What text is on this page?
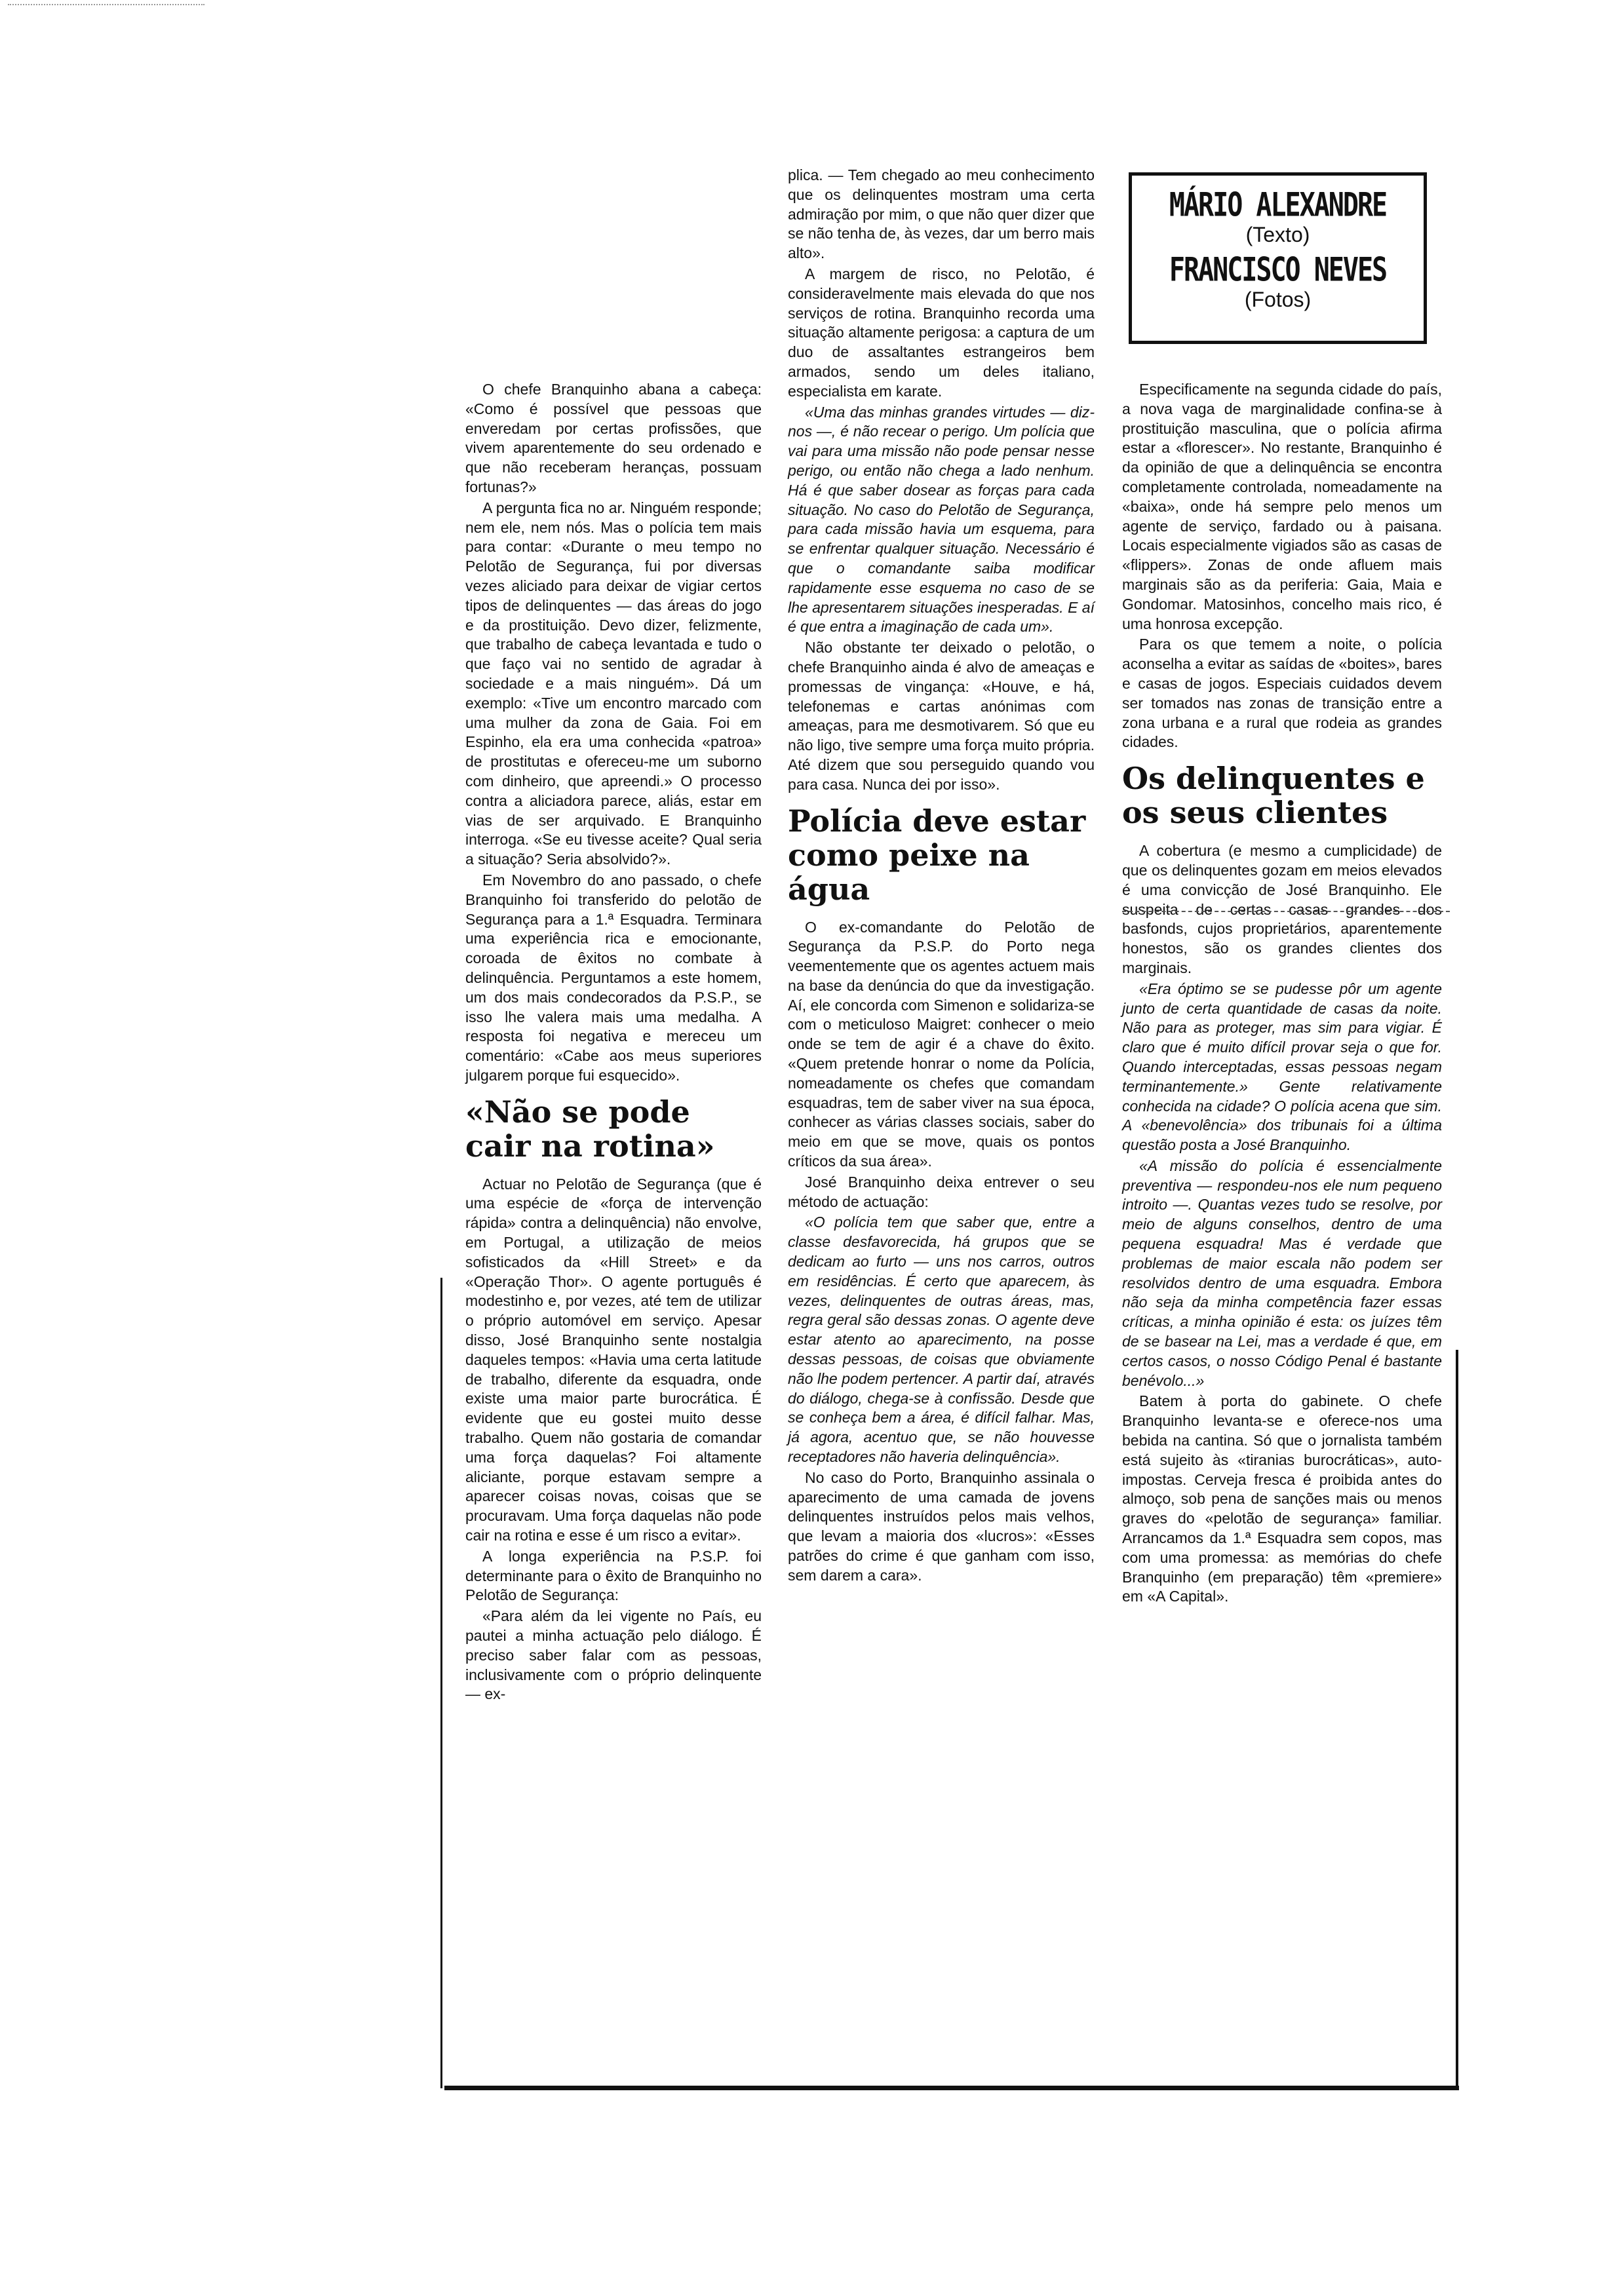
MÁRIO ALEXANDRE
(Texto)
FRANCISCO NEVES
(Fotos)

O chefe Branquinho abana a cabeça: «Como é possível que pessoas que enveredam por certas profissões, que vivem aparentemente do seu ordenado e que não receberam heranças, possuam fortunas?»

A pergunta fica no ar. Ninguém responde; nem ele, nem nós. Mas o polícia tem mais para contar: «Durante o meu tempo no Pelotão de Segurança, fui por diversas vezes aliciado para deixar de vigiar certos tipos de delinquentes — das áreas do jogo e da prostituição. Devo dizer, felizmente, que trabalho de cabeça levantada e tudo o que faço vai no sentido de agradar à sociedade e a mais ninguém». Dá um exemplo: «Tive um encontro marcado com uma mulher da zona de Gaia. Foi em Espinho, ela era uma conhecida «patroa» de prostitutas e ofereceu-me um suborno com dinheiro, que apreendi.» O processo contra a aliciadora parece, aliás, estar em vias de ser arquivado. E Branquinho interroga. «Se eu tivesse aceite? Qual seria a situação? Seria absolvido?».

Em Novembro do ano passado, o chefe Branquinho foi transferido do pelotão de Segurança para a 1.ª Esquadra. Terminara uma experiência rica e emocionante, coroada de êxitos no combate à delinquência. Perguntamos a este homem, um dos mais condecorados da P.S.P., se isso lhe valera mais uma medalha. A resposta foi negativa e mereceu um comentário: «Cabe aos meus superiores julgarem porque fui esquecido».

«Não se pode cair na rotina»

Actuar no Pelotão de Segurança (que é uma espécie de «força de intervenção rápida» contra a delinquência) não envolve, em Portugal, a utilização de meios sofisticados da «Hill Street» e da «Operação Thor». O agente português é modestinho e, por vezes, até tem de utilizar o próprio automóvel em serviço. Apesar disso, José Branquinho sente nostalgia daqueles tempos: «Havia uma certa latitude de trabalho, diferente da esquadra, onde existe uma maior parte burocrática. É evidente que eu gostei muito desse trabalho. Quem não gostaria de comandar uma força daquelas? Foi altamente aliciante, porque estavam sempre a aparecer coisas novas, coisas que se procuravam. Uma força daquelas não pode cair na rotina e esse é um risco a evitar».

A longa experiência na P.S.P. foi determinante para o êxito de Branquinho no Pelotão de Segurança:

«Para além da lei vigente no País, eu pautei a minha actuação pelo diálogo. É preciso saber falar com as pessoas, inclusivamente com o próprio delinquente — ex-

plica. — Tem chegado ao meu conhecimento que os delinquentes mostram uma certa admiração por mim, o que não quer dizer que se não tenha de, às vezes, dar um berro mais alto».

A margem de risco, no Pelotão, é consideravelmente mais elevada do que nos serviços de rotina. Branquinho recorda uma situação altamente perigosa: a captura de um duo de assaltantes estrangeiros bem armados, sendo um deles italiano, especialista em karate.

«Uma das minhas grandes virtudes — diz-nos —, é não recear o perigo. Um polícia que vai para uma missão não pode pensar nesse perigo, ou então não chega a lado nenhum. Há é que saber dosear as forças para cada situação. No caso do Pelotão de Segurança, para cada missão havia um esquema, para se enfrentar qualquer situação. Necessário é que o comandante saiba modificar rapidamente esse esquema no caso de se lhe apresentarem situações inesperadas. E aí é que entra a imaginação de cada um».

Não obstante ter deixado o pelotão, o chefe Branquinho ainda é alvo de ameaças e promessas de vingança: «Houve, e há, telefonemas e cartas anónimas com ameaças, para me desmotivarem. Só que eu não ligo, tive sempre uma força muito própria. Até dizem que sou perseguido quando vou para casa. Nunca dei por isso».

Polícia deve estar como peixe na água

O ex-comandante do Pelotão de Segurança da P.S.P. do Porto nega veementemente que os agentes actuem mais na base da denúncia do que da investigação. Aí, ele concorda com Simenon e solidariza-se com o meticuloso Maigret: conhecer o meio onde se tem de agir é a chave do êxito. «Quem pretende honrar o nome da Polícia, nomeadamente os chefes que comandam esquadras, tem de saber viver na sua época, conhecer as várias classes sociais, saber do meio em que se move, quais os pontos críticos da sua área».

José Branquinho deixa entrever o seu método de actuação:

«O polícia tem que saber que, entre a classe desfavorecida, há grupos que se dedicam ao furto — uns nos carros, outros em residências. É certo que aparecem, às vezes, delinquentes de outras áreas, mas, regra geral são dessas zonas. O agente deve estar atento ao aparecimento, na posse dessas pessoas, de coisas que obviamente não lhe podem pertencer. A partir daí, através do diálogo, chega-se à confissão. Desde que se conheça bem a área, é difícil falhar. Mas, já agora, acentuo que, se não houvesse receptadores não haveria delinquência».

No caso do Porto, Branquinho assinala o aparecimento de uma camada de jovens delinquentes instruídos pelos mais velhos, que levam a maioria dos «lucros»: «Esses patrões do crime é que ganham com isso, sem darem a cara».

Especificamente na segunda cidade do país, a nova vaga de marginalidade confina-se à prostituição masculina, que o polícia afirma estar a «florescer». No restante, Branquinho é da opinião de que a delinquência se encontra completamente controlada, nomeadamente na «baixa», onde há sempre pelo menos um agente de serviço, fardado ou à paisana. Locais especialmente vigiados são as casas de «flippers». Zonas de onde afluem mais marginais são as da periferia: Gaia, Maia e Gondomar. Matosinhos, concelho mais rico, é uma honrosa excepção.

Para os que temem a noite, o polícia aconselha a evitar as saídas de «boites», bares e casas de jogos. Especiais cuidados devem ser tomados nas zonas de transição entre a zona urbana e a rural que rodeia as grandes cidades.

Os delinquentes e os seus clientes

A cobertura (e mesmo a cumplicidade) de que os delinquentes gozam em meios elevados é uma convicção de José Branquinho. Ele suspeita de certas casas grandes dos basfonds, cujos proprietários, aparentemente honestos, são os grandes clientes dos marginais.

«Era óptimo se se pudesse pôr um agente junto de certa quantidade de casas da noite. Não para as proteger, mas sim para vigiar. É claro que é muito difícil provar seja o que for. Quando interceptadas, essas pessoas negam terminantemente.» Gente relativamente conhecida na cidade? O polícia acena que sim. A «benevolência» dos tribunais foi a última questão posta a José Branquinho.

«A missão do polícia é essencialmente preventiva — respondeu-nos ele num pequeno introito —. Quantas vezes tudo se resolve, por meio de alguns conselhos, dentro de uma pequena esquadra! Mas é verdade que problemas de maior escala não podem ser resolvidos dentro de uma esquadra. Embora não seja da minha competência fazer essas críticas, a minha opinião é esta: os juízes têm de se basear na Lei, mas a verdade é que, em certos casos, o nosso Código Penal é bastante benévolo...»

Batem à porta do gabinete. O chefe Branquinho levanta-se e oferece-nos uma bebida na cantina. Só que o jornalista também está sujeito às «tiranias burocráticas», auto-impostas. Cerveja fresca é proibida antes do almoço, sob pena de sanções mais ou menos graves do «pelotão de segurança» familiar. Arrancamos da 1.ª Esquadra sem copos, mas com uma promessa: as memórias do chefe Branquinho (em preparação) têm «premiere» em «A Capital».
